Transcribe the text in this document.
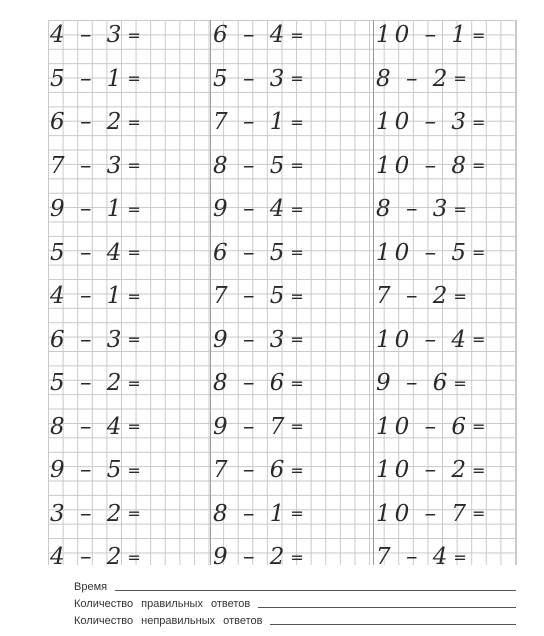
4 – 3 =
5 – 1 =
6 – 2 =
7 – 3 =
9 – 1 =
5 – 4 =
4 – 1 =
6 – 3 =
5 – 2 =
8 – 4 =
9 – 5 =
3 – 2 =
4 – 2 =
6 – 4 =
5 – 3 =
7 – 1 =
8 – 5 =
9 – 4 =
6 – 5 =
7 – 5 =
9 – 3 =
8 – 6 =
9 – 7 =
7 – 6 =
8 – 1 =
9 – 2 =
10 – 1 =
8 – 2 =
10 – 3 =
10 – 8 =
8 – 3 =
10 – 5 =
7 – 2 =
10 – 4 =
9 – 6 =
10 – 6 =
10 – 2 =
10 – 7 =
7 – 4 =
Время
Количество правильных ответов
Количество неправильных ответов
